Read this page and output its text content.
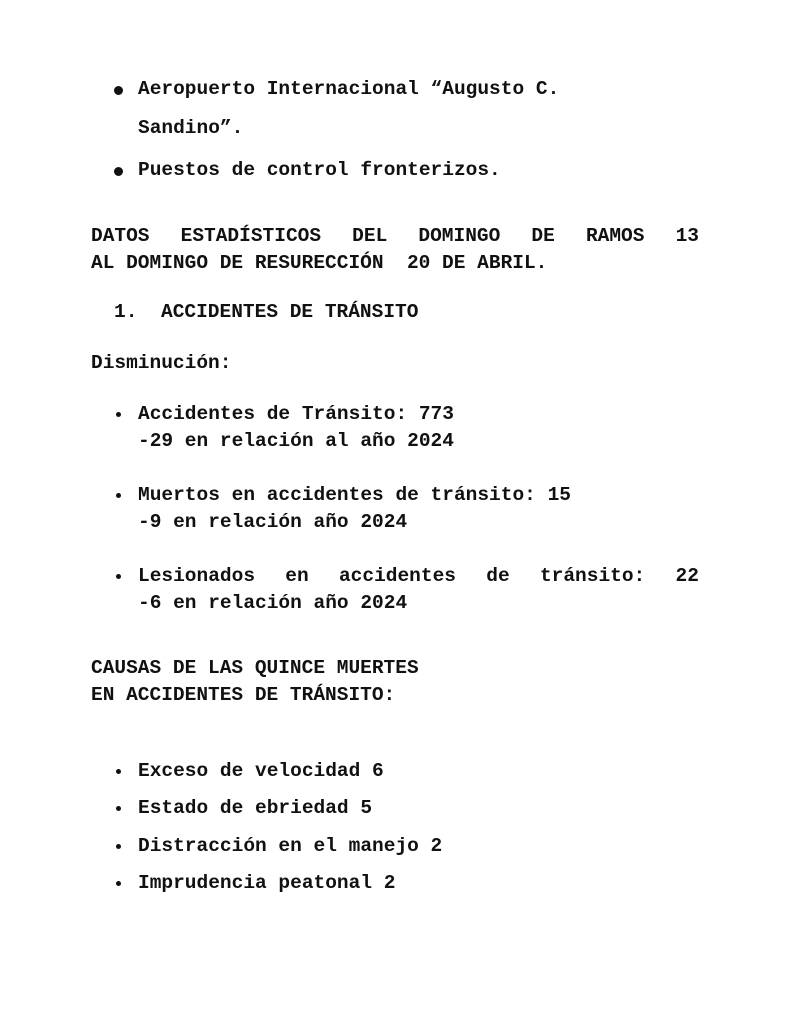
Aeropuerto Internacional “Augusto C.
Sandino”.
Puestos de control fronterizos.
DATOS ESTADÍSTICOS DEL DOMINGO DE RAMOS 13
AL DOMINGO DE RESURECCIÓN  20 DE ABRIL.
1. ACCIDENTES DE TRÁNSITO
Disminución:
Accidentes de Tránsito: 773
-29 en relación al año 2024
Muertos en accidentes de tránsito: 15
-9 en relación año 2024
Lesionados en accidentes de tránsito: 22
-6 en relación año 2024
CAUSAS DE LAS QUINCE MUERTES
EN ACCIDENTES DE TRÁNSITO:
Exceso de velocidad 6
Estado de ebriedad 5
Distracción en el manejo 2
Imprudencia peatonal 2
